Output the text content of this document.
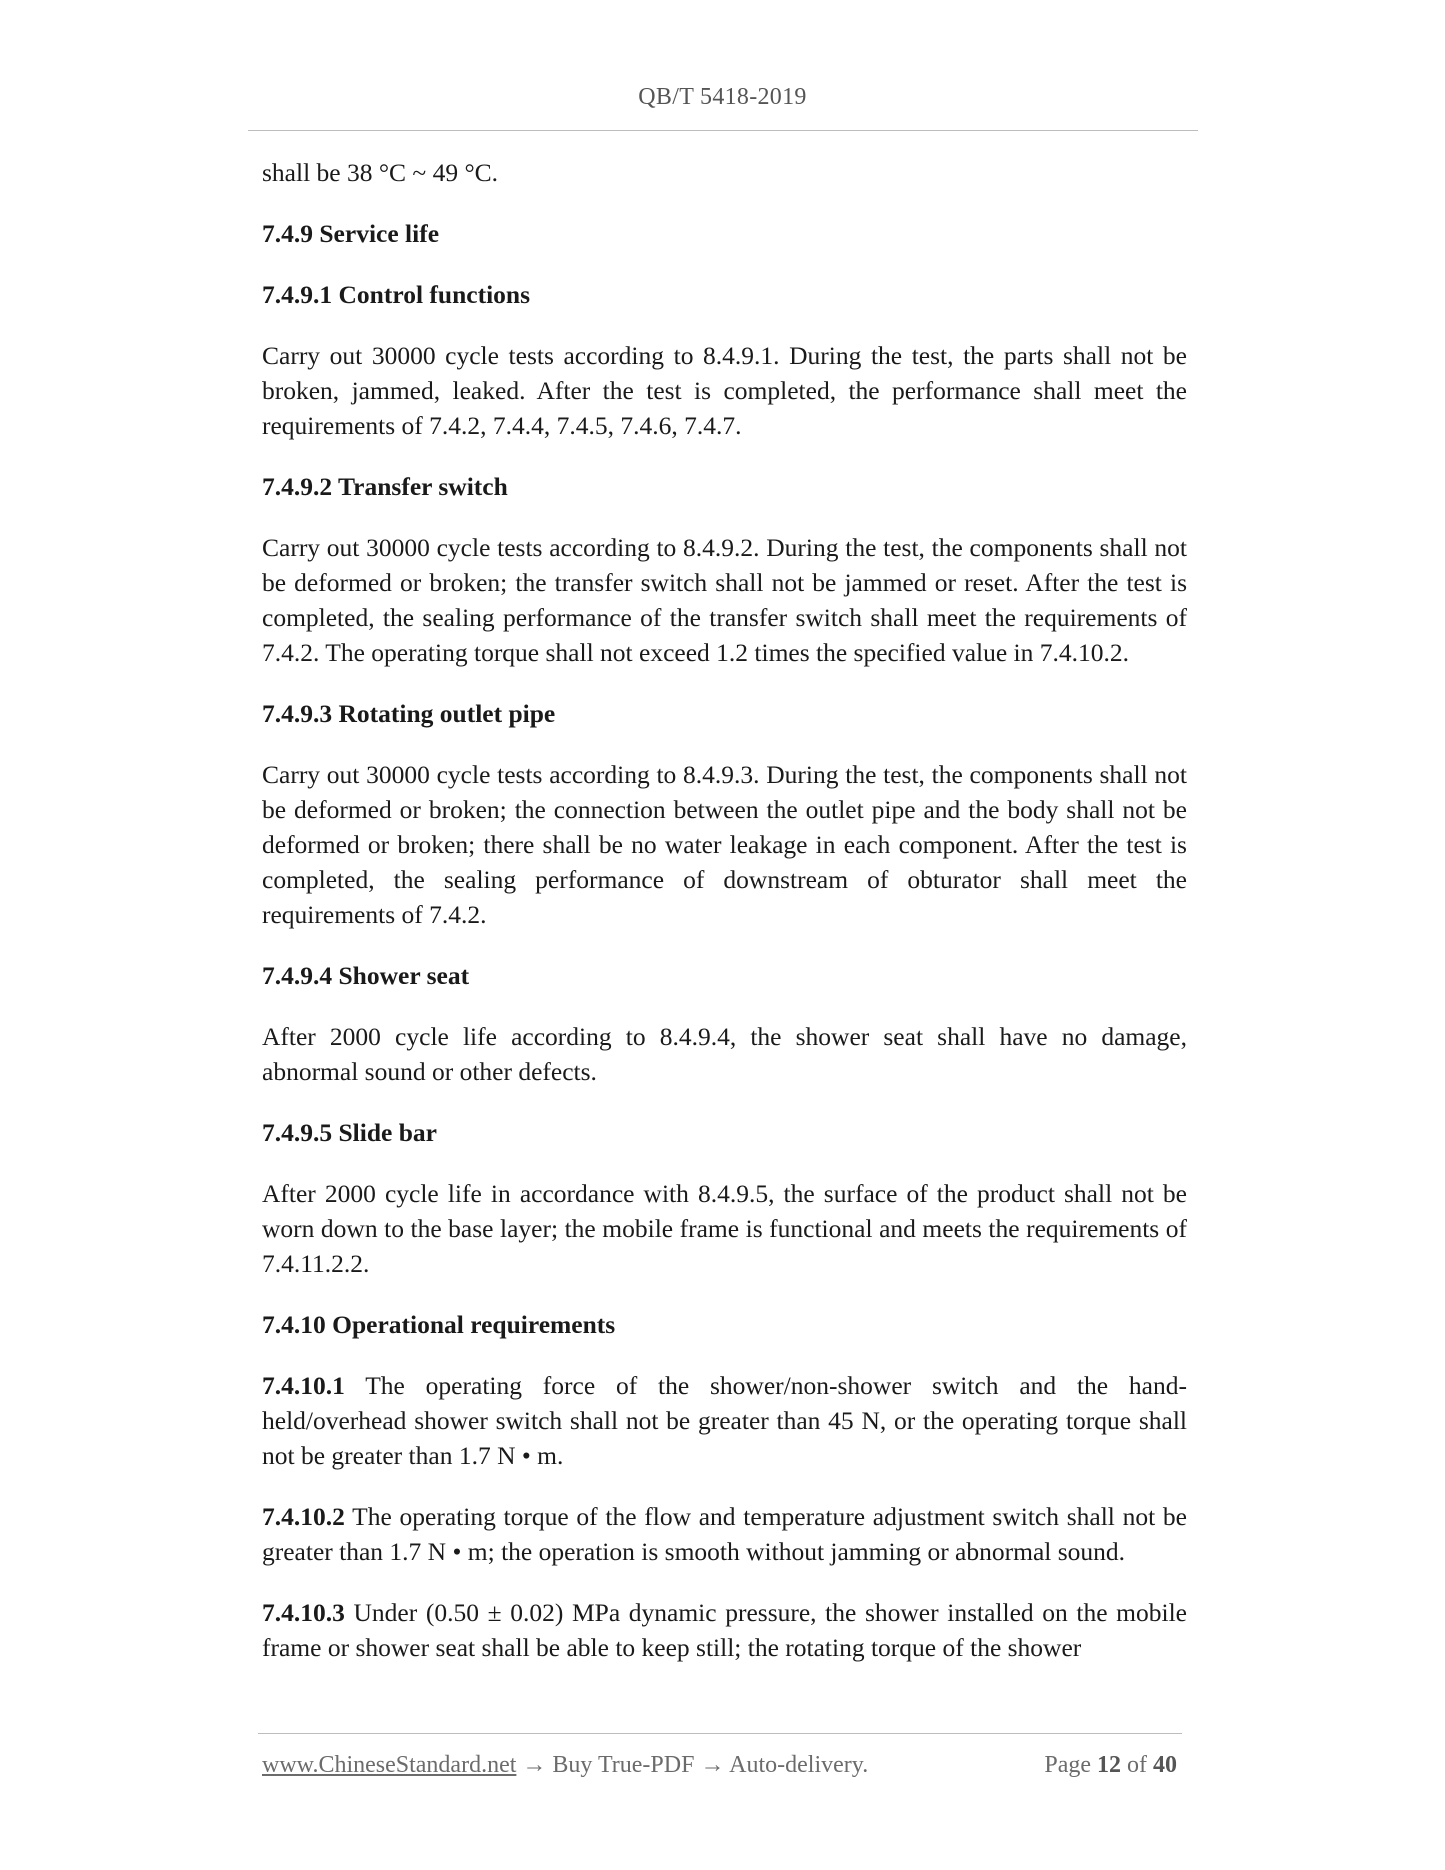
QB/T 5418-2019

shall be 38 °C ~ 49 °C.

7.4.9 Service life

7.4.9.1 Control functions

Carry out 30000 cycle tests according to 8.4.9.1. During the test, the parts shall not be broken, jammed, leaked. After the test is completed, the performance shall meet the requirements of 7.4.2, 7.4.4, 7.4.5, 7.4.6, 7.4.7.

7.4.9.2 Transfer switch

Carry out 30000 cycle tests according to 8.4.9.2. During the test, the components shall not be deformed or broken; the transfer switch shall not be jammed or reset. After the test is completed, the sealing performance of the transfer switch shall meet the requirements of 7.4.2. The operating torque shall not exceed 1.2 times the specified value in 7.4.10.2.

7.4.9.3 Rotating outlet pipe

Carry out 30000 cycle tests according to 8.4.9.3. During the test, the components shall not be deformed or broken; the connection between the outlet pipe and the body shall not be deformed or broken; there shall be no water leakage in each component. After the test is completed, the sealing performance of downstream of obturator shall meet the requirements of 7.4.2.

7.4.9.4 Shower seat

After 2000 cycle life according to 8.4.9.4, the shower seat shall have no damage, abnormal sound or other defects.

7.4.9.5 Slide bar

After 2000 cycle life in accordance with 8.4.9.5, the surface of the product shall not be worn down to the base layer; the mobile frame is functional and meets the requirements of 7.4.11.2.2.

7.4.10 Operational requirements

7.4.10.1 The operating force of the shower/non-shower switch and the hand-held/overhead shower switch shall not be greater than 45 N, or the operating torque shall not be greater than 1.7 N • m.

7.4.10.2 The operating torque of the flow and temperature adjustment switch shall not be greater than 1.7 N • m; the operation is smooth without jamming or abnormal sound.

7.4.10.3 Under (0.50 ± 0.02) MPa dynamic pressure, the shower installed on the mobile frame or shower seat shall be able to keep still; the rotating torque of the shower

www.ChineseStandard.net → Buy True-PDF → Auto-delivery.	Page 12 of 40
